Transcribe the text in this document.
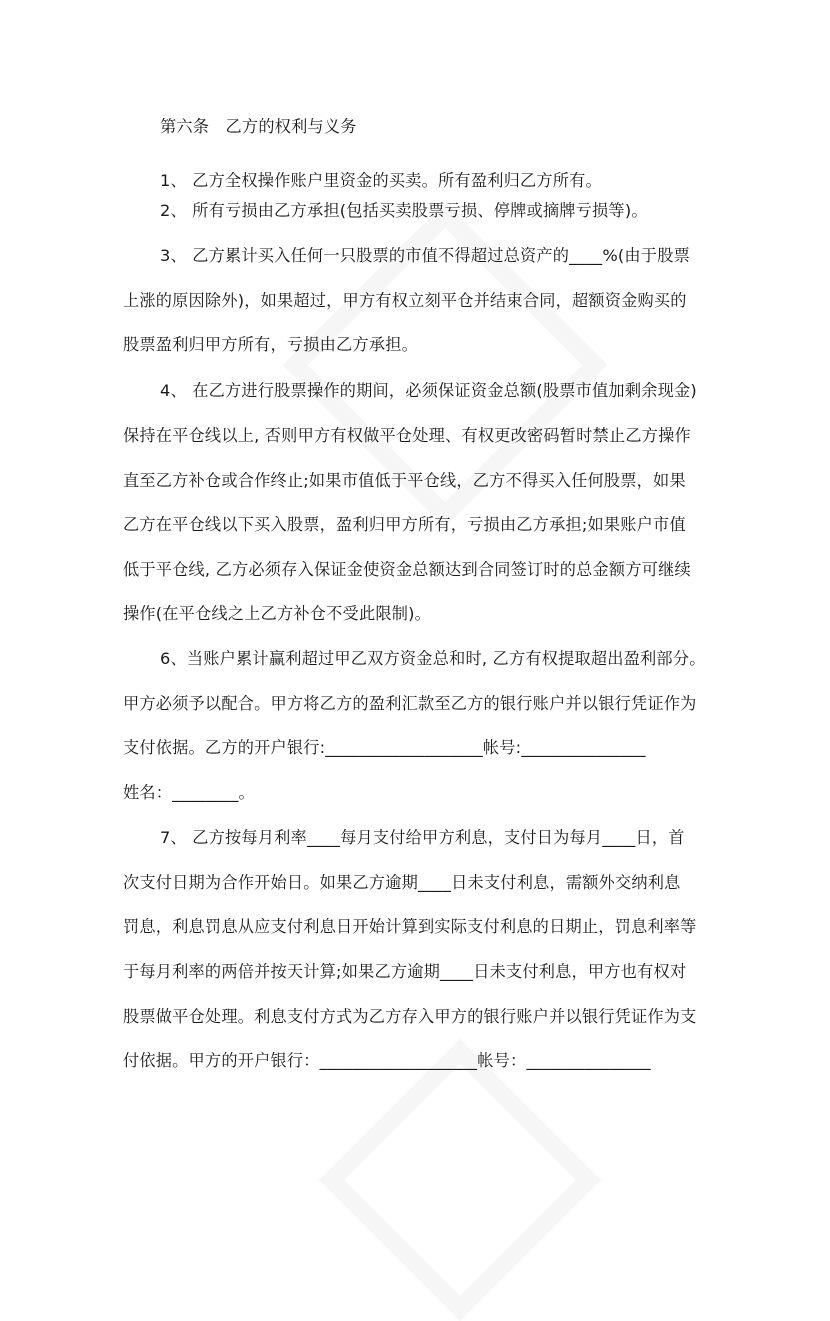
第六条　乙方的权利与义务
1、 乙方全权操作账户里资金的买卖。所有盈利归乙方所有。
2、 所有亏损由乙方承担(包括买卖股票亏损、停牌或摘牌亏损等)。
3、 乙方累计买入任何一只股票的市值不得超过总资产的____%(由于股票
上涨的原因除外)，如果超过，甲方有权立刻平仓并结束合同，超额资金购买的
股票盈利归甲方所有，亏损由乙方承担。
4、 在乙方进行股票操作的期间，必须保证资金总额(股票市值加剩余现金)
保持在平仓线以上, 否则甲方有权做平仓处理、有权更改密码暂时禁止乙方操作
直至乙方补仓或合作终止;如果市值低于平仓线，乙方不得买入任何股票，如果
乙方在平仓线以下买入股票，盈利归甲方所有，亏损由乙方承担;如果账户市值
低于平仓线, 乙方必须存入保证金使资金总额达到合同签订时的总金额方可继续
操作(在平仓线之上乙方补仓不受此限制)。
6、当账户累计赢利超过甲乙双方资金总和时, 乙方有权提取超出盈利部分。
甲方必须予以配合。甲方将乙方的盈利汇款至乙方的银行账户并以银行凭证作为
支付依据。乙方的开户银行:___________________帐号:_______________
姓名：________。
7、 乙方按每月利率____每月支付给甲方利息，支付日为每月____日，首
次支付日期为合作开始日。如果乙方逾期____日未支付利息，需额外交纳利息
罚息，利息罚息从应支付利息日开始计算到实际支付利息的日期止，罚息利率等
于每月利率的两倍并按天计算;如果乙方逾期____日未支付利息，甲方也有权对
股票做平仓处理。利息支付方式为乙方存入甲方的银行账户并以银行凭证作为支
付依据。甲方的开户银行：___________________帐号：_______________
